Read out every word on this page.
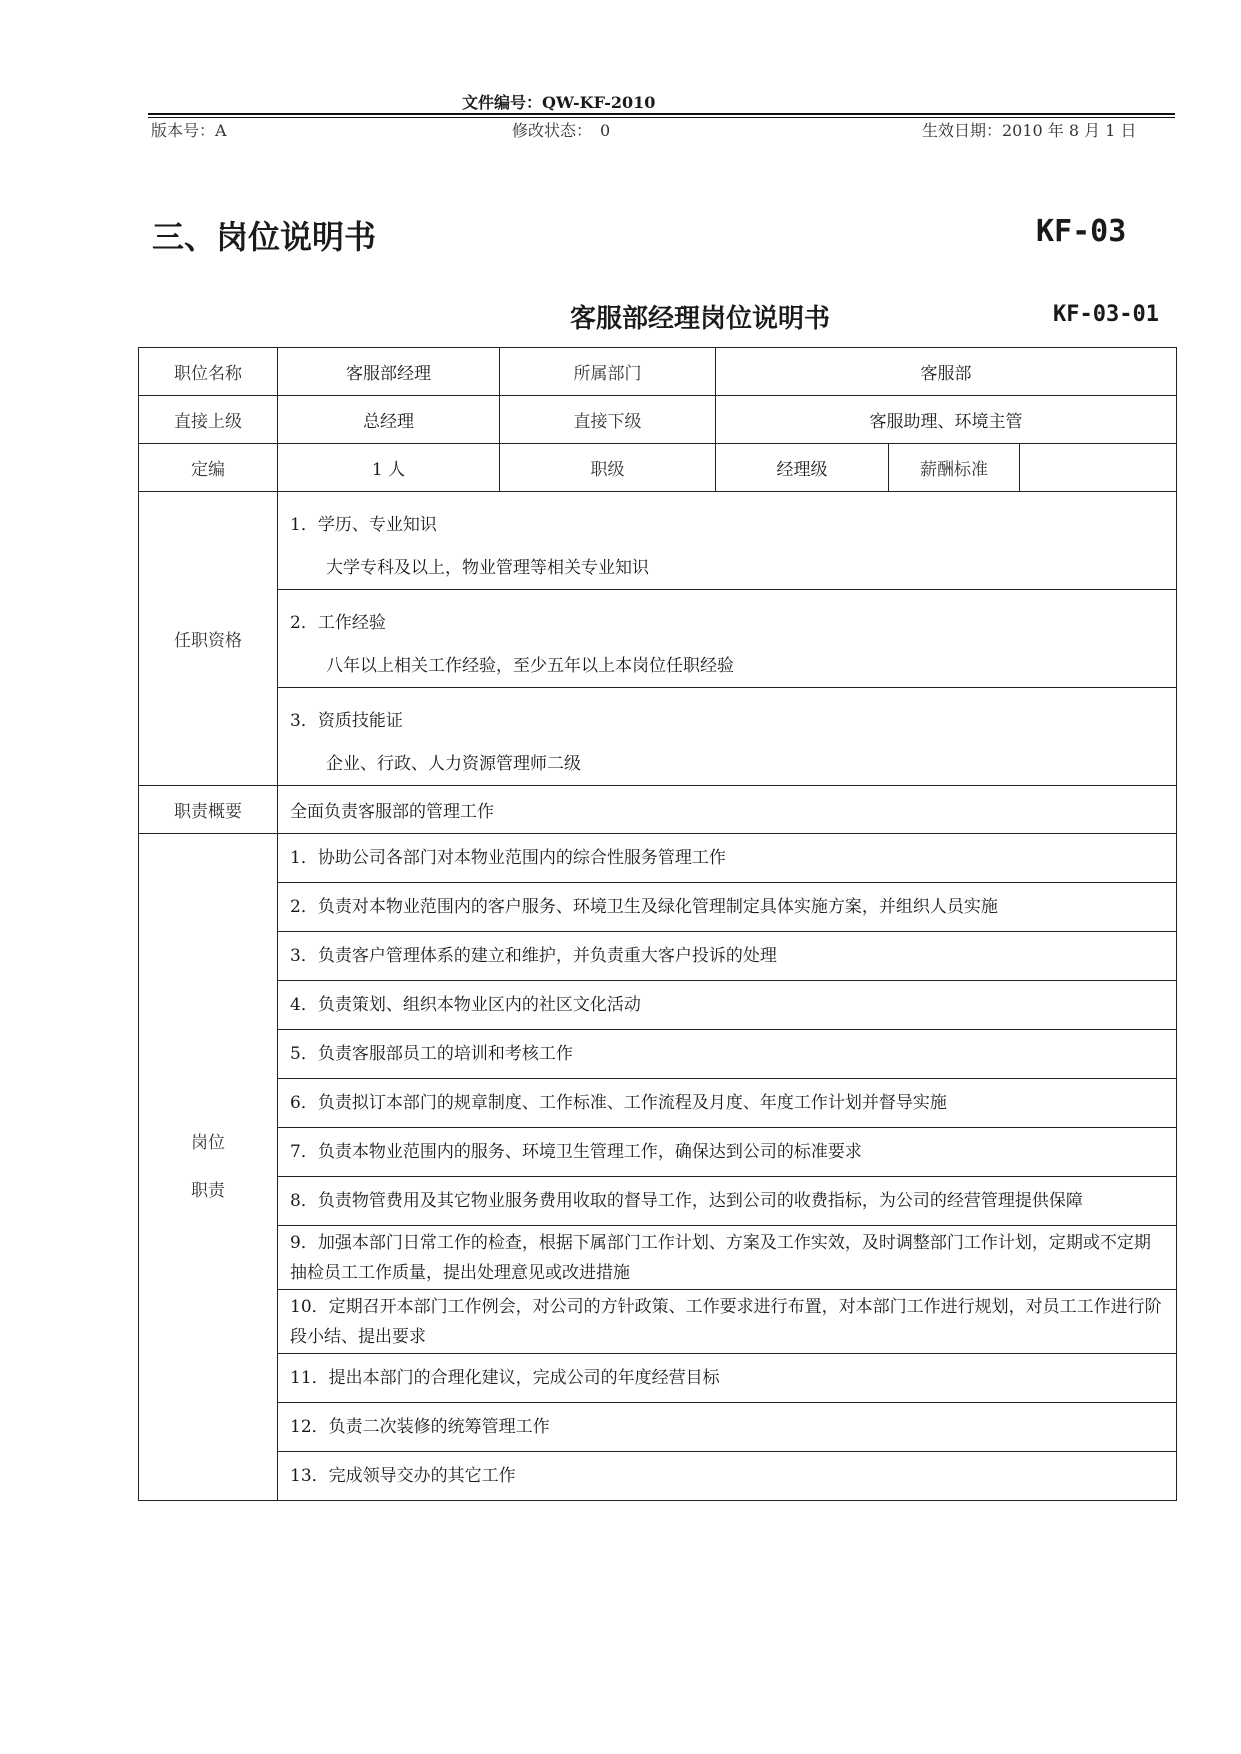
文件编号：QW-KF-2010
版本号：A	修改状态：　0	生效日期：2010 年 8 月 1 日
三、岗位说明书	KF-03
客服部经理岗位说明书	KF-03-01
职位名称	客服部经理	所属部门	客服部		
直接上级	总经理	直接下级	客服助理、环境主管		
定编	1 人	职级	经理级	薪酬标准	
任职资格	1．学历、专业知识
大学专科及以上，物业管理等相关专业知识				

	2．工作经验
八年以上相关工作经验，至少五年以上本岗位任职经验				

	3．资质技能证
企业、行政、人力资源管理师二级				

职责概要	全面负责客服部的管理工作				

岗位
职责	1．协助公司各部门对本物业范围内的综合性服务管理工作				
	2．负责对本物业范围内的客户服务、环境卫生及绿化管理制定具体实施方案，并组织人员实施				
	3．负责客户管理体系的建立和维护，并负责重大客户投诉的处理				
	4．负责策划、组织本物业区内的社区文化活动				
	5．负责客服部员工的培训和考核工作				
	6．负责拟订本部门的规章制度、工作标准、工作流程及月度、年度工作计划并督导实施				
	7．负责本物业范围内的服务、环境卫生管理工作，确保达到公司的标准要求				
	8．负责物管费用及其它物业服务费用收取的督导工作，达到公司的收费指标，为公司的经营管理提供保障				
	9．加强本部门日常工作的检查，根据下属部门工作计划、方案及工作实效，及时调整部门工作计划，定期或不定期抽检员工工作质量，提出处理意见或改进措施				
	10．定期召开本部门工作例会，对公司的方针政策、工作要求进行布置，对本部门工作进行规划，对员工工作进行阶段小结、提出要求				
	11．提出本部门的合理化建议，完成公司的年度经营目标				
	12．负责二次装修的统筹管理工作				
	13．完成领导交办的其它工作				
